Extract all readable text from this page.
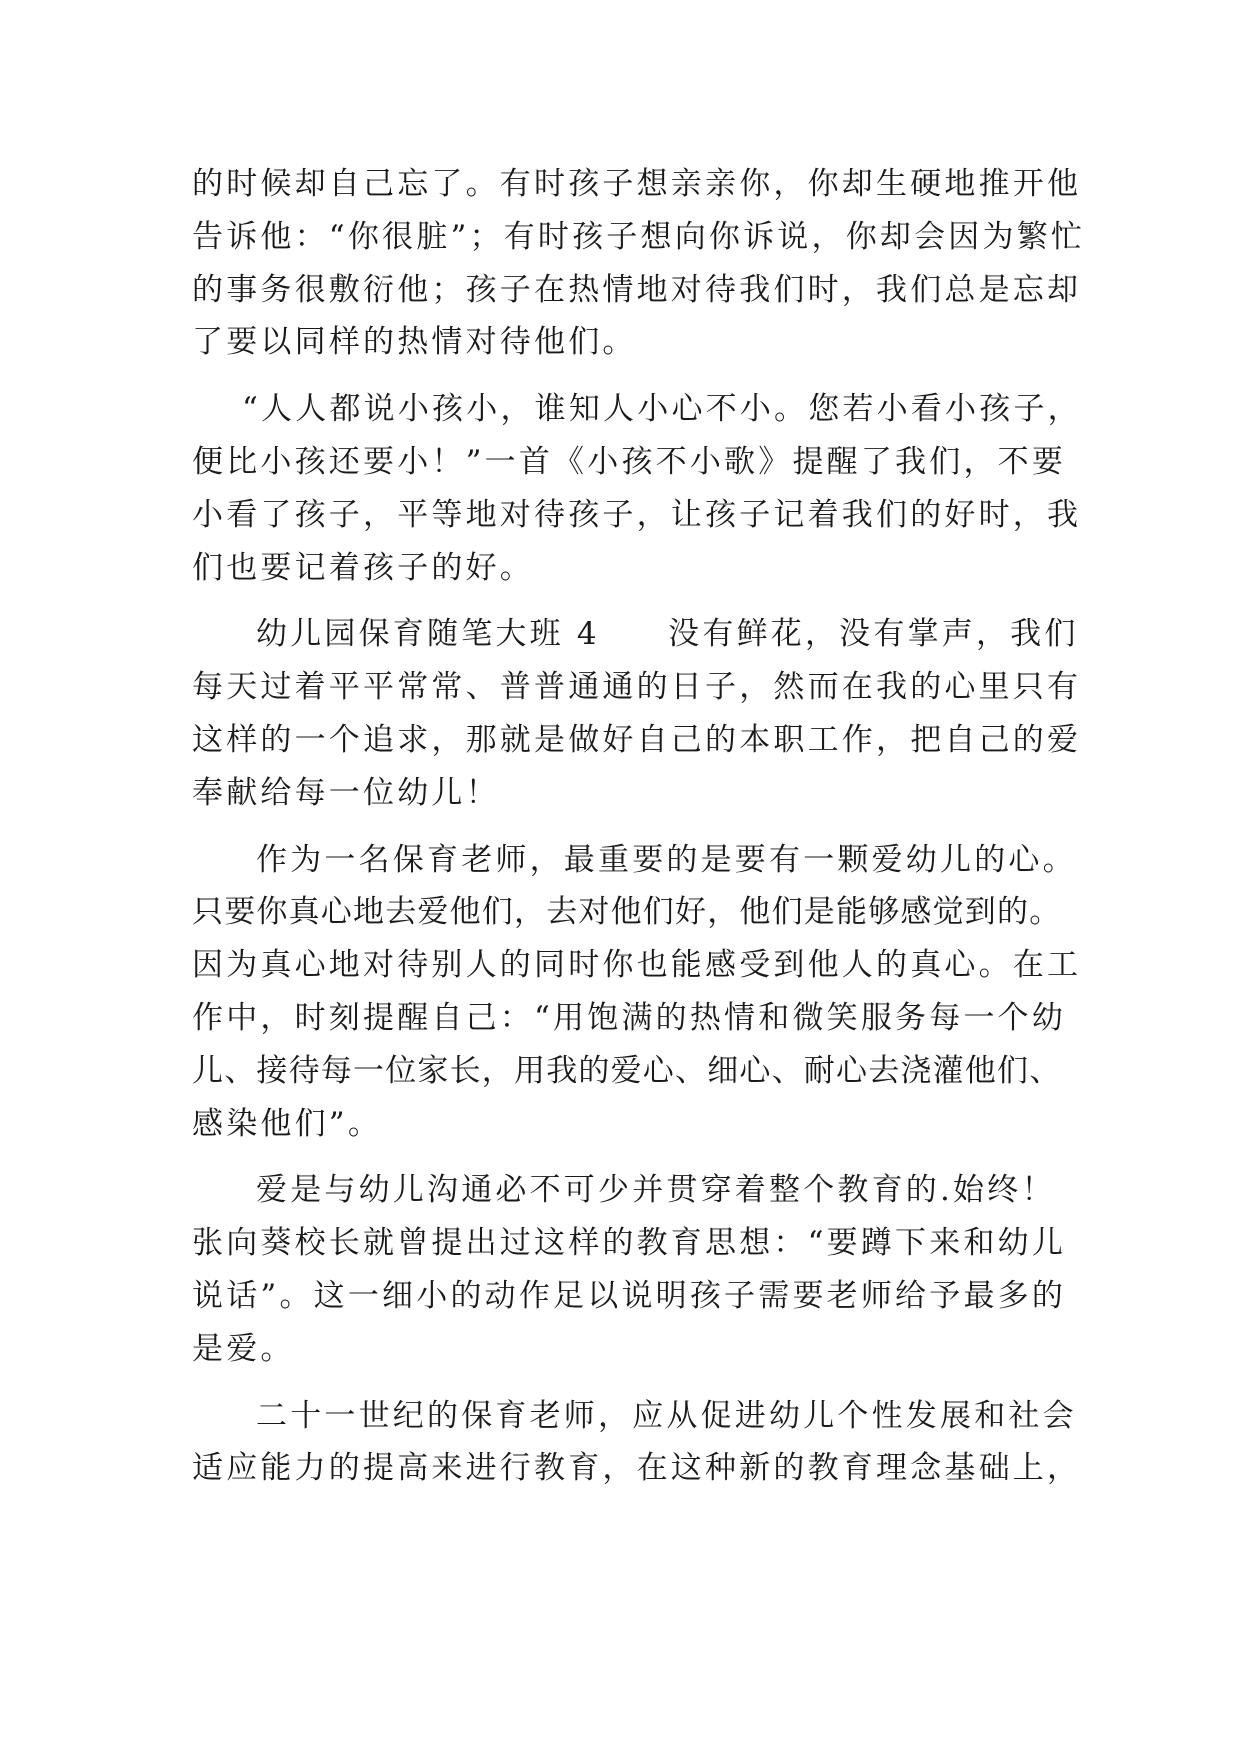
的时候却自己忘了。有时孩子想亲亲你，你却生硬地推开他
告诉他：“你很脏”；有时孩子想向你诉说，你却会因为繁忙
的事务很敷衍他；孩子在热情地对待我们时，我们总是忘却
了要以同样的热情对待他们。
“人人都说小孩小，谁知人小心不小。您若小看小孩子，
便比小孩还要小！”一首《小孩不小歌》提醒了我们，不要
小看了孩子，平等地对待孩子，让孩子记着我们的好时，我
们也要记着孩子的好。
幼儿园保育随笔大班 4　　没有鲜花，没有掌声，我们
每天过着平平常常、普普通通的日子，然而在我的心里只有
这样的一个追求，那就是做好自己的本职工作，把自己的爱
奉献给每一位幼儿！
作为一名保育老师，最重要的是要有一颗爱幼儿的心。
只要你真心地去爱他们，去对他们好，他们是能够感觉到的。
因为真心地对待别人的同时你也能感受到他人的真心。在工
作中，时刻提醒自己：“用饱满的热情和微笑服务每一个幼
儿、接待每一位家长，用我的爱心、细心、耐心去浇灌他们、
感染他们”。
爱是与幼儿沟通必不可少并贯穿着整个教育的.始终！
张向葵校长就曾提出过这样的教育思想：“要蹲下来和幼儿
说话”。这一细小的动作足以说明孩子需要老师给予最多的
是爱。
二十一世纪的保育老师，应从促进幼儿个性发展和社会
适应能力的提高来进行教育，在这种新的教育理念基础上，
